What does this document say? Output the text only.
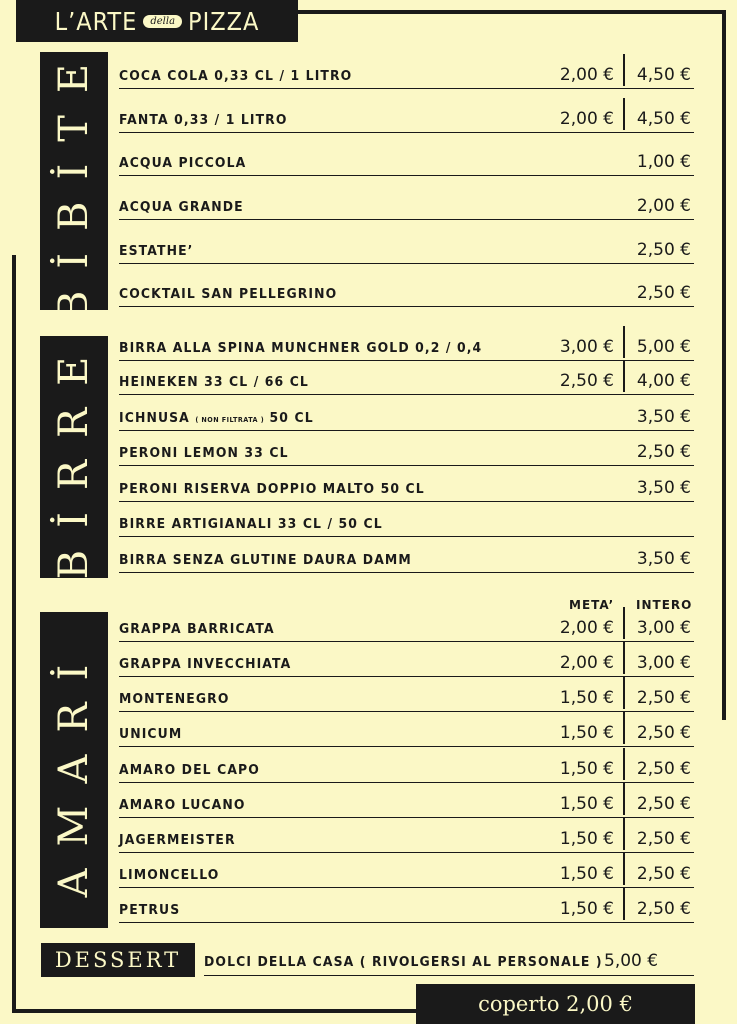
L’ARTE	della PIZZA
BİBİTE
BİRRE
AMARİ
COCA COLA 0,33 CL / 1 LITRO	2,00 € 4,50 €
FANTA 0,33 / 1 LITRO	2,00 € 4,50 €
ACQUA PICCOLA	1,00 €
ACQUA GRANDE	2,00 €
ESTATHE’	2,50 €
COCKTAIL SAN PELLEGRINO	2,50 €
BIRRA ALLA SPINA MUNCHNER GOLD 0,2 / 0,4	3,00 € 5,00 €
HEINEKEN 33 CL / 66 CL	2,50 € 4,00 €
ICHNUSA ( NON FILTRATA ) 50 CL	3,50 €
PERONI LEMON 33 CL	2,50 €
PERONI RISERVA DOPPIO MALTO 50 CL	3,50 €
BIRRE ARTIGIANALI 33 CL / 50 CL
BIRRA SENZA GLUTINE DAURA DAMM	3,50 €
META’ INTERO
GRAPPA BARRICATA	2,00 € 3,00 €
GRAPPA INVECCHIATA	2,00 € 3,00 €
MONTENEGRO	1,50 € 2,50 €
UNICUM	1,50 € 2,50 €
AMARO DEL CAPO	1,50 € 2,50 €
AMARO LUCANO	1,50 € 2,50 €
JAGERMEISTER	1,50 € 2,50 €
LIMONCELLO	1,50 € 2,50 €
PETRUS	1,50 € 2,50 €
DESSERT	DOLCI DELLA CASA ( RIVOLGERSI AL PERSONALE ) 5,00 €
coperto 2,00 €
